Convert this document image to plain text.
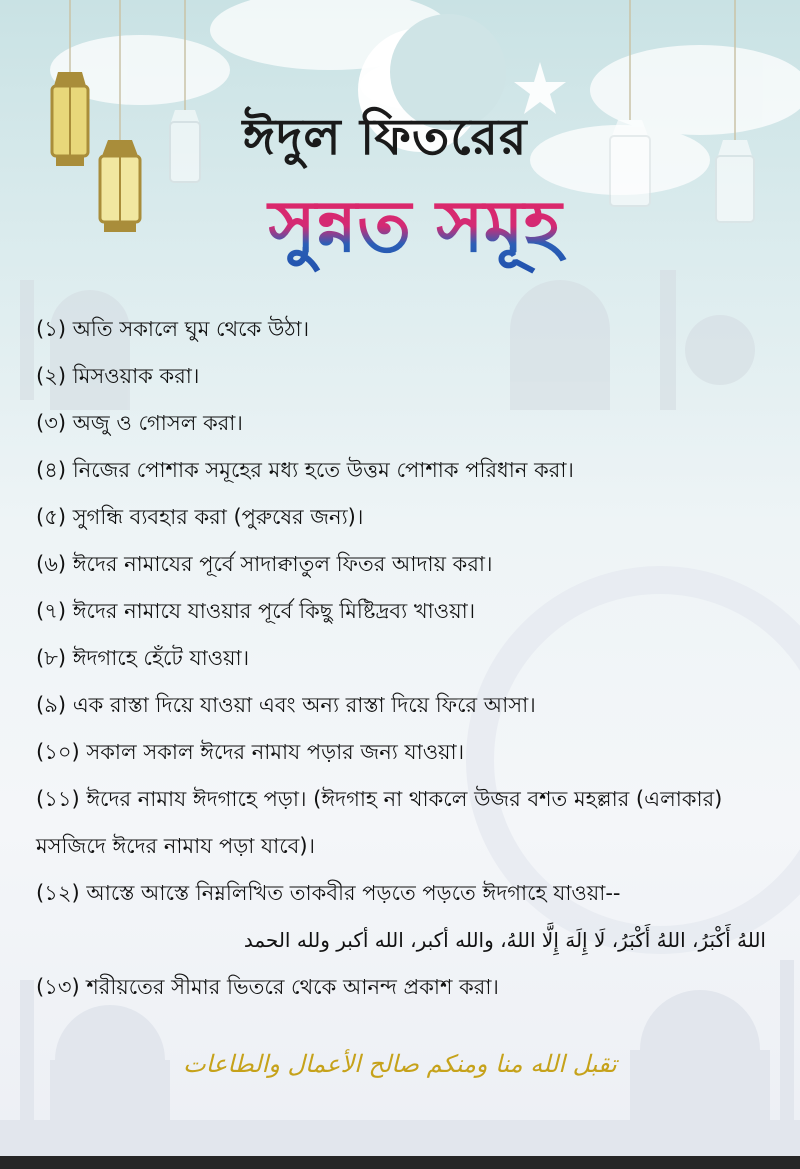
ঈদুল ফিতরের
সুন্নত সমূহ
(১) অতি সকালে ঘুম থেকে উঠা।
(২) মিসওয়াক করা।
(৩) অজু ও গোসল করা।
(৪) নিজের পোশাক সমূহের মধ্য হতে উত্তম পোশাক পরিধান করা।
(৫) সুগন্ধি ব্যবহার করা (পুরুষের জন্য)।
(৬) ঈদের নামাযের পূর্বে সাদাক্বাতুল ফিতর আদায় করা।
(৭) ঈদের নামাযে যাওয়ার পূর্বে কিছু মিষ্টিদ্রব্য খাওয়া।
(৮) ঈদগাহে হেঁটে যাওয়া।
(৯) এক রাস্তা দিয়ে যাওয়া এবং অন্য রাস্তা দিয়ে ফিরে আসা।
(১০) সকাল সকাল ঈদের নামায পড়ার জন্য যাওয়া।
(১১) ঈদের নামায ঈদগাহে পড়া। (ঈদগাহ না থাকলে উজর বশত মহল্লার (এলাকার) মসজিদে ঈদের নামায পড়া যাবে)।
(১২) আস্তে আস্তে নিম্নলিখিত তাকবীর পড়তে পড়তে ঈদগাহে যাওয়া--
اللهُ أَكْبَرُ، اللهُ أَكْبَرُ، لَا إِلَهَ إِلَّا اللهُ، والله أكبر، الله أكبر ولله الحمد
(১৩) শরীয়তের সীমার ভিতরে থেকে আনন্দ প্রকাশ করা।
تقبل الله منا ومنكم صالح الأعمال والطاعات
